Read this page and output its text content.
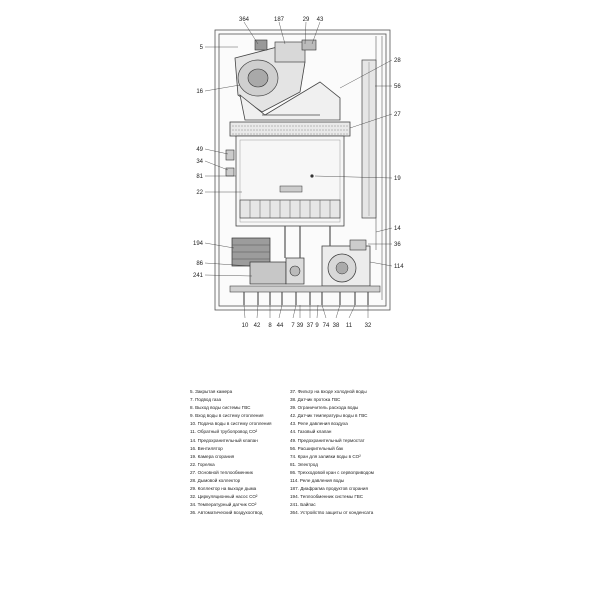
364	187	29 43
5
16
49
34
81
22
194
86
241
28
56
27
19
14
36
114
10 42 8 44 7 39 37 9 74 38 11 32
5. Закрытая камера
7. Подвод газа
8. Выход воды системы ГВС
9. Вход воды в систему отопления
10. Подача воды в систему отопления
11. Обратный трубопровод СО²
14. Предохранительный клапан
16. Вентилятор
19. Камера сгорания
22. Горелка
27. Основной теплообменник
28. Дымовой коллектор
29. Коллектор на выходе дыма
32. Циркуляционный насос СО²
34. Температурный датчик СО²
36. Автоматический воздухоотвод
37. Фильтр на входе холодной воды
38. Датчик протока ГВС
39. Ограничитель расхода воды
42. Датчик температуры воды в ГВС
43. Реле давления воздуха
44. Газовый клапан
49. Предохранительный термостат
56. Расширительный бак
74. Кран для заливки воды в СО²
81. Электрод
86. Трехходовой кран с сервоприводом
114. Реле давления воды
187. Диафрагма продуктов сгорания
194. Теплообменник системы ГВС
241. Байпас
364. Устройство защиты от конденсата
